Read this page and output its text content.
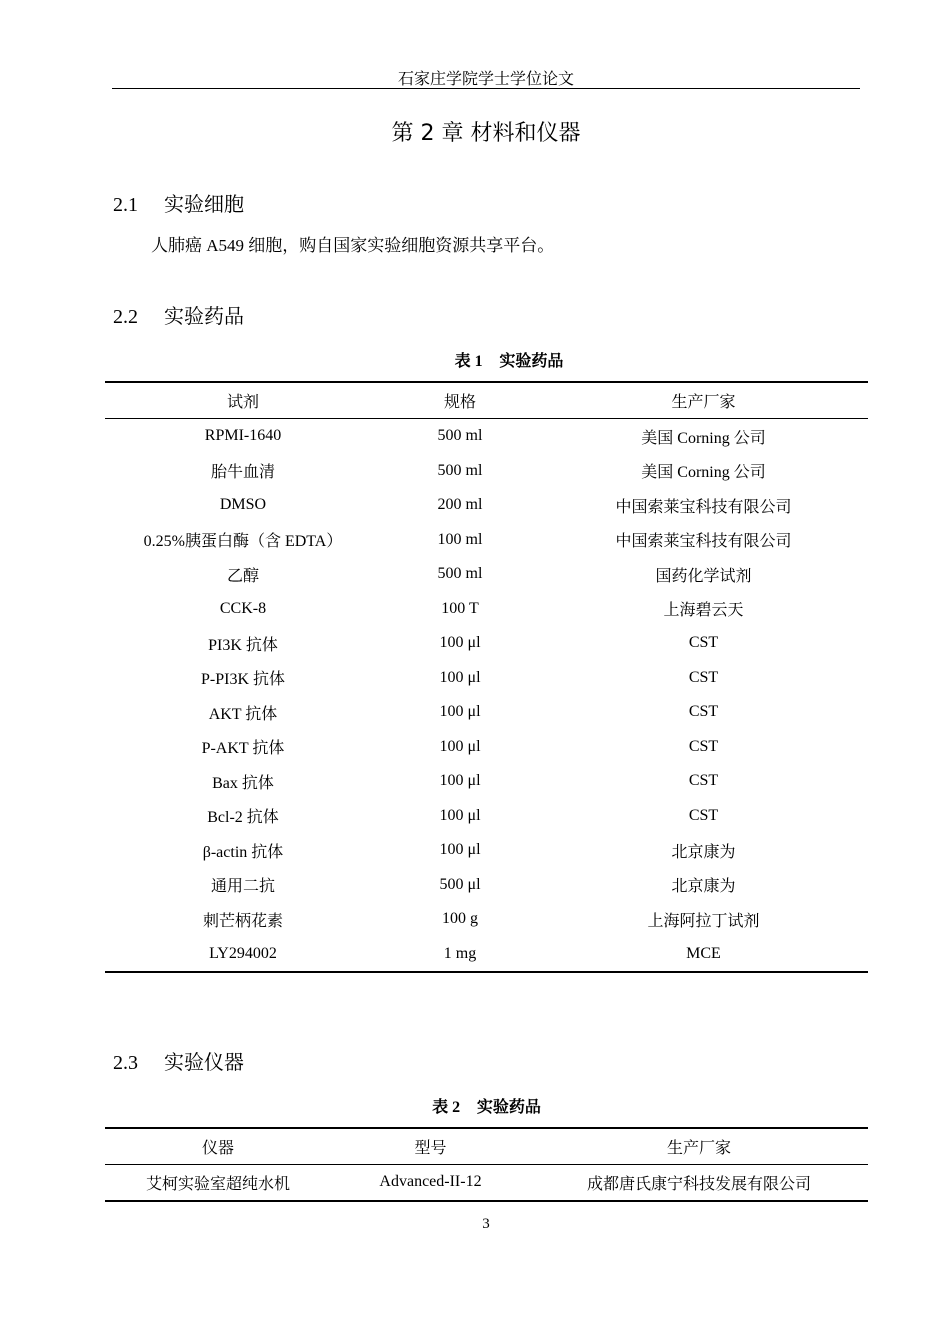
石家庄学院学士学位论文
第 2 章 材料和仪器
2.1 实验细胞
人肺癌 A549 细胞，购自国家实验细胞资源共享平台。
2.2 实验药品
表 1 实验药品
试剂	规格	生产厂家
RPMI-1640	500 ml	美国 Corning 公司
胎牛血清	500 ml	美国 Corning 公司
DMSO	200 ml	中国索莱宝科技有限公司
0.25%胰蛋白酶（含 EDTA）	100 ml	中国索莱宝科技有限公司
乙醇	500 ml	国药化学试剂
CCK-8	100 T	上海碧云天
PI3K 抗体	100 μl	CST
P-PI3K 抗体	100 μl	CST
AKT 抗体	100 μl	CST
P-AKT 抗体	100 μl	CST
Bax 抗体	100 μl	CST
Bcl-2 抗体	100 μl	CST
β-actin 抗体	100 μl	北京康为
通用二抗	500 μl	北京康为
刺芒柄花素	100 g	上海阿拉丁试剂
LY294002	1 mg	MCE
2.3 实验仪器
表 2 实验药品
仪器	型号	生产厂家
艾柯实验室超纯水机	Advanced-II-12	成都唐氏康宁科技发展有限公司
3
